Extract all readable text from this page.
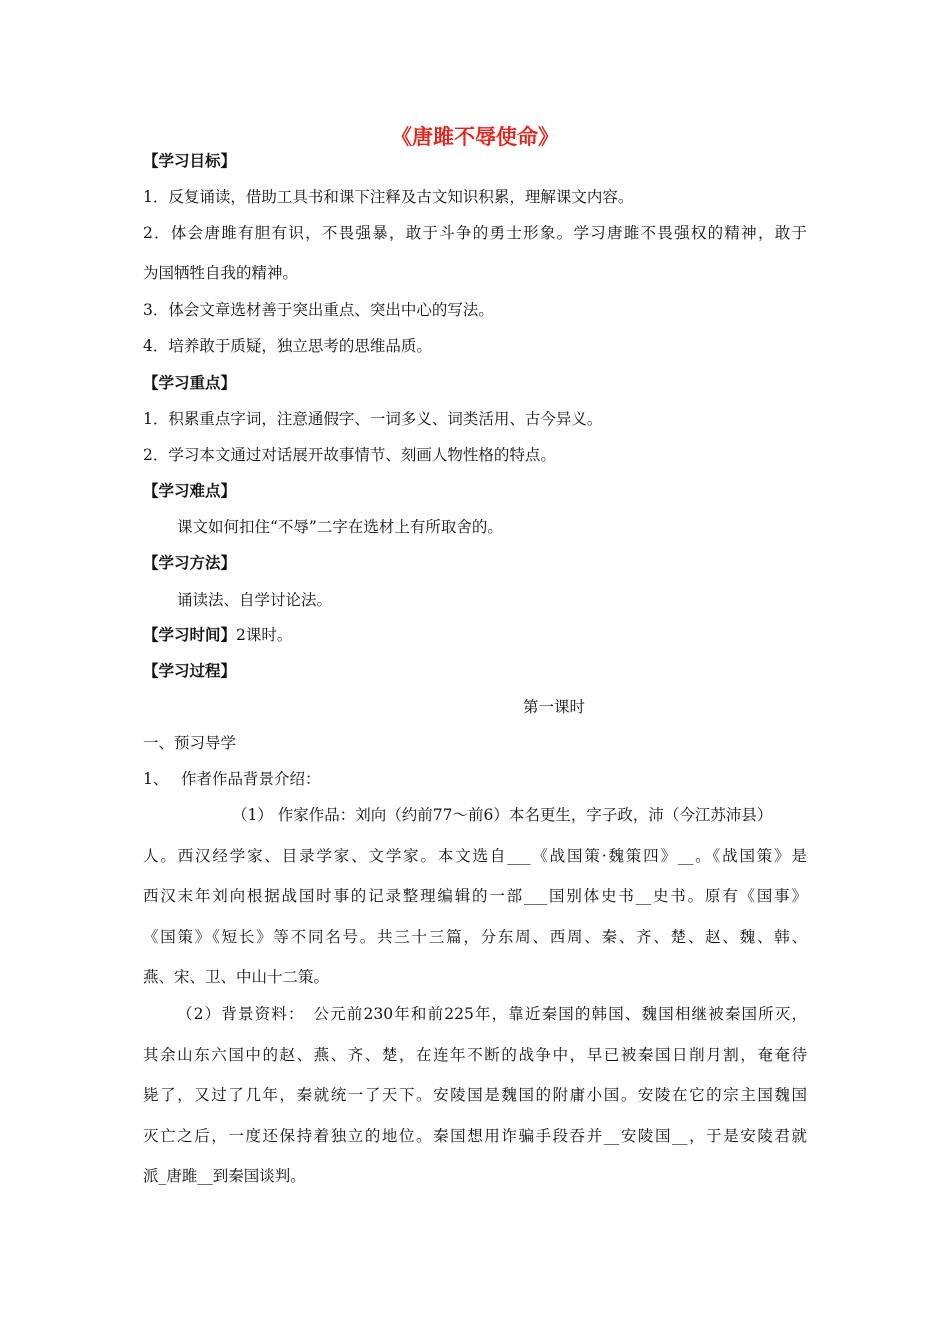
《唐雎不辱使命》
【学习目标】
1．反复诵读，借助工具书和课下注释及古文知识积累，理解课文内容。
2．体会唐雎有胆有识，不畏强暴，敢于斗争的勇士形象。学习唐雎不畏强权的精神，敢于
为国牺牲自我的精神。
3．体会文章选材善于突出重点、突出中心的写法。
4．培养敢于质疑，独立思考的思维品质。
【学习重点】
1．积累重点字词，注意通假字、一词多义、词类活用、古今异义。
2．学习本文通过对话展开故事情节、刻画人物性格的特点。
【学习难点】
课文如何扣住“不辱”二字在选材上有所取舍的。
【学习方法】
诵读法、自学讨论法。
【学习时间】2课时。
【学习过程】
第一课时
一、预习导学
1、　 作者作品背景介绍：
（1） 作家作品：刘向（约前77～前6）本名更生，字子政，沛（今江苏沛县）
人。西汉经学家、目录学家、文学家。本文选自___《战国策·魏策四》__。《战国策》是
西汉末年刘向根据战国时事的记录整理编辑的一部___国别体史书__史书。原有《国事》
《国策》《短长》等不同名号。共三十三篇，分东周、西周、秦、齐、楚、赵、魏、韩、
燕、宋、卫、中山十二策。
（2）背景资料：　公元前230年和前225年，靠近秦国的韩国、魏国相继被秦国所灭，
其余山东六国中的赵、燕、齐、楚，在连年不断的战争中，早已被秦国日削月割，奄奄待
毙了，又过了几年，秦就统一了天下。安陵国是魏国的附庸小国。安陵在它的宗主国魏国
灭亡之后，一度还保持着独立的地位。秦国想用诈骗手段吞并__安陵国__，于是安陵君就
派_唐雎__到秦国谈判。
